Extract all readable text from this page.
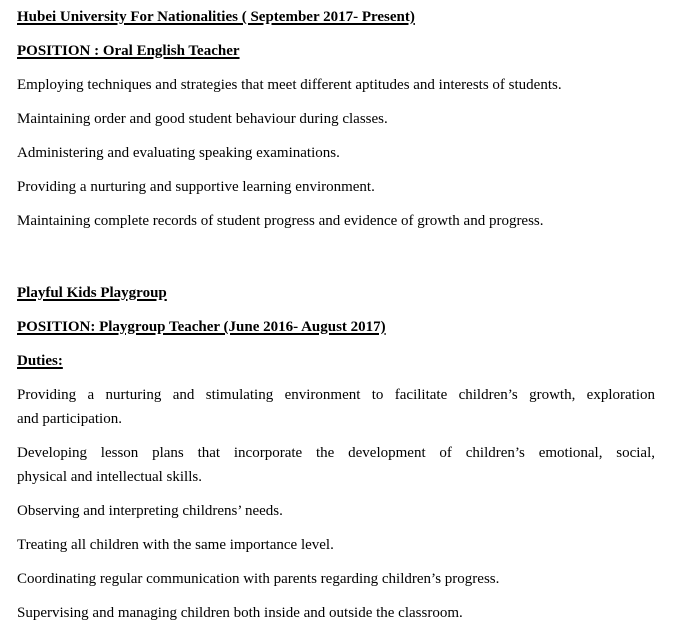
Hubei University For Nationalities ( September 2017- Present)
POSITION : Oral English Teacher

Employing techniques and strategies that meet different aptitudes and interests of students.

Maintaining order and good student behaviour during classes.

Administering and evaluating speaking examinations.

Providing a nurturing and supportive learning environment.

Maintaining complete records of student progress and evidence of growth and progress.

Playful Kids Playgroup
POSITION: Playgroup Teacher (June 2016- August 2017)
Duties:

Providing a nurturing and stimulating environment to facilitate children’s growth, exploration
and participation.

Developing lesson plans that incorporate the development of children’s emotional, social,
physical and intellectual skills.

Observing and interpreting childrens’ needs.

Treating all children with the same importance level.

Coordinating regular communication with parents regarding children’s progress.

Supervising and managing children both inside and outside the classroom.
